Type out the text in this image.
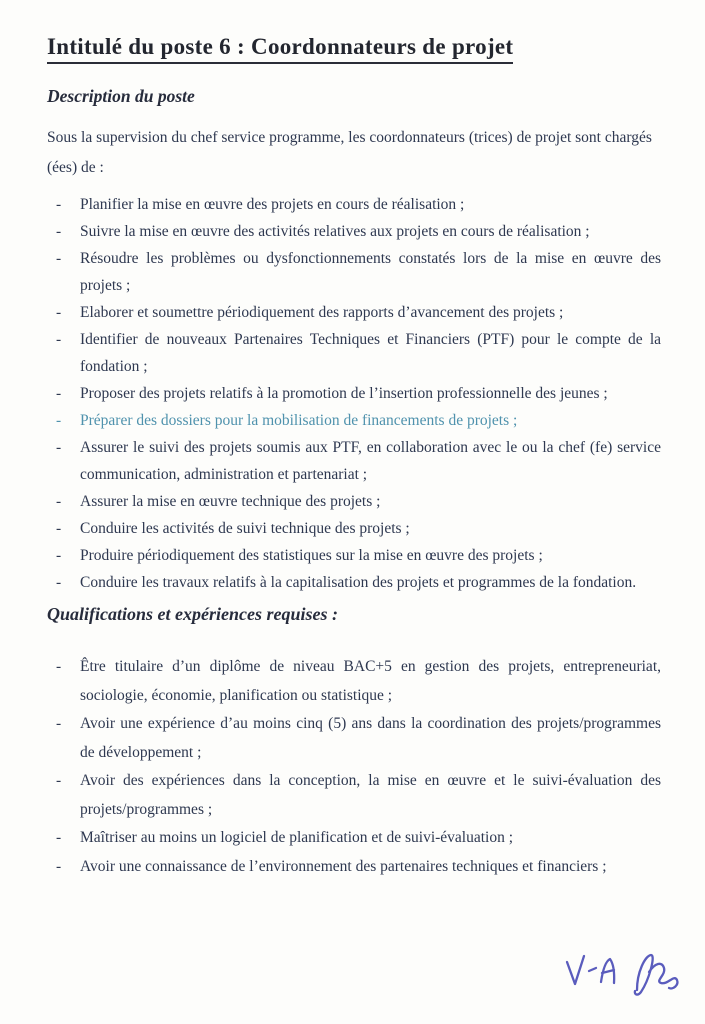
Intitulé du poste 6 : Coordonnateurs de projet
Description du poste

Sous la supervision du chef service programme, les coordonnateurs (trices) de projet sont chargés (ées) de :

- Planifier la mise en œuvre des projets en cours de réalisation ;
- Suivre la mise en œuvre des activités relatives aux projets en cours de réalisation ;
- Résoudre les problèmes ou dysfonctionnements constatés lors de la mise en œuvre des projets ;
- Elaborer et soumettre périodiquement des rapports d’avancement des projets ;
- Identifier de nouveaux Partenaires Techniques et Financiers (PTF) pour le compte de la fondation ;
- Proposer des projets relatifs à la promotion de l’insertion professionnelle des jeunes ;
- Préparer des dossiers pour la mobilisation de financements de projets ;
- Assurer le suivi des projets soumis aux PTF, en collaboration avec le ou la chef (fe) service communication, administration et partenariat ;
- Assurer la mise en œuvre technique des projets ;
- Conduire les activités de suivi technique des projets ;
- Produire périodiquement des statistiques sur la mise en œuvre des projets ;
- Conduire les travaux relatifs à la capitalisation des projets et programmes de la fondation.
Qualifications et expériences requises :
- Être titulaire d’un diplôme de niveau BAC+5 en gestion des projets, entrepreneuriat, sociologie, économie, planification ou statistique ;
- Avoir une expérience d’au moins cinq (5) ans dans la coordination des projets/programmes de développement ;
- Avoir des expériences dans la conception, la mise en œuvre et le suivi-évaluation des projets/programmes ;
- Maîtriser au moins un logiciel de planification et de suivi-évaluation ;
- Avoir une connaissance de l’environnement des partenaires techniques et financiers ;
